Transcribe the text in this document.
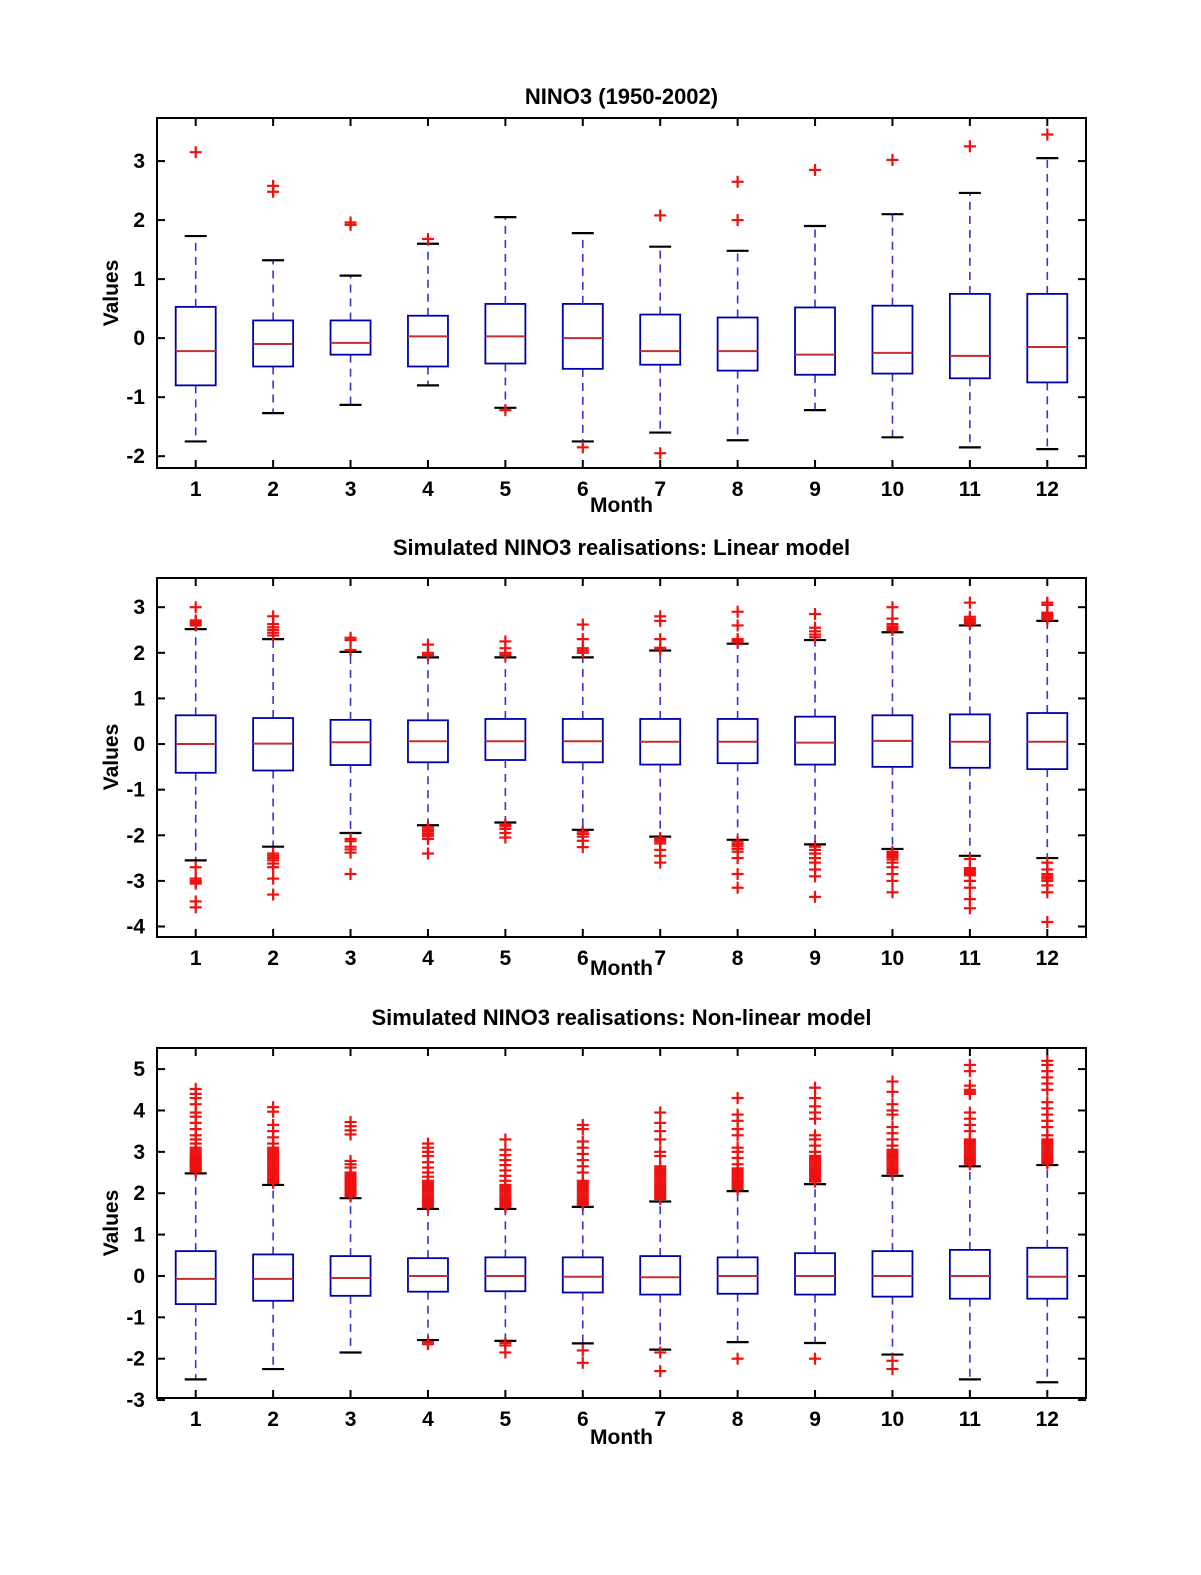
3
2
1
0
-1
-2
1	2	3	4	5	6	7	8	9	10	11	12
3
2
1
0
-1
-2
-3
-4
1	2	3	4	5	6	7	8	9	10	11	12
5
4
3
2
1
0
-1
-2
-3
1	2	3	4	5	6	7	8	9	10	11	12
NINO3 (1950-2002)
Simulated NINO3 realisations: Linear model
Simulated NINO3 realisations: Non-linear model
Month
Month
Month
Values
Values
Values
